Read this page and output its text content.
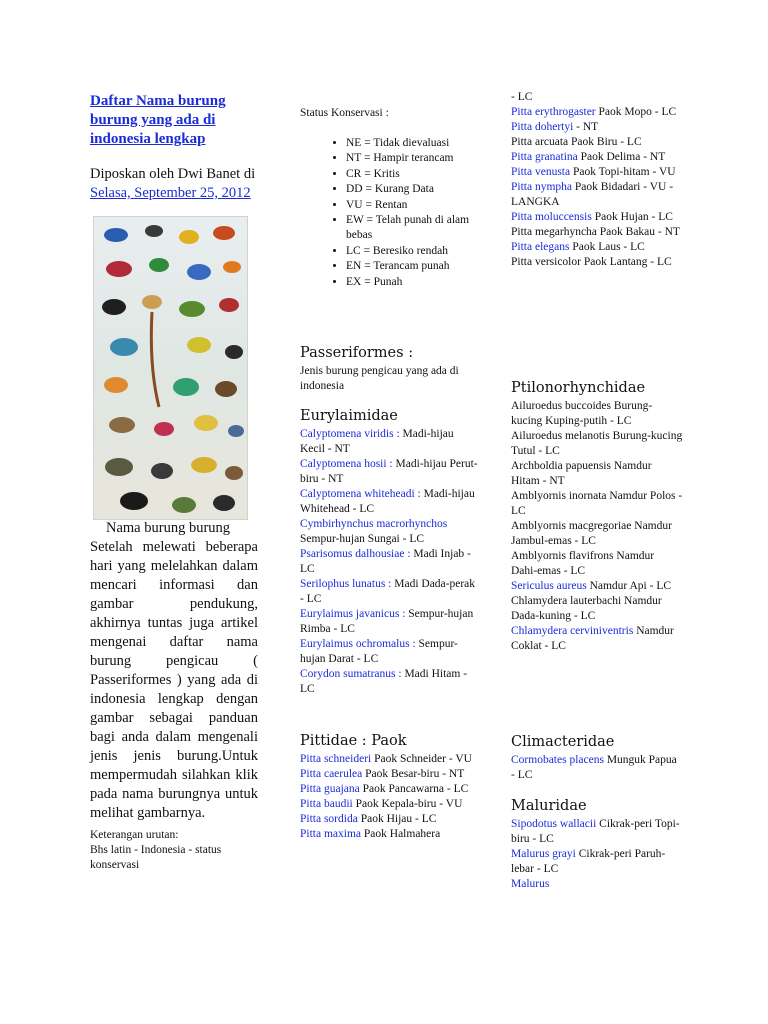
Daftar Nama burung burung yang ada di indonesia lengkap

Diposkan oleh Dwi Banet di Selasa, September 25, 2012

Nama burung burung

Setelah melewati beberapa hari yang melelahkan dalam mencari informasi dan gambar pendukung, akhirnya tuntas juga artikel mengenai daftar nama burung pengicau ( Passeriformes ) yang ada di indonesia lengkap dengan gambar sebagai panduan bagi anda dalam mengenali jenis jenis burung.Untuk mempermudah silahkan klik pada nama burungnya untuk melihat gambarnya.

Keterangan urutan:
Bhs latin - Indonesia - status konservasi

Status Konservasi :

• NE = Tidak dievaluasi
• NT = Hampir terancam
• CR = Kritis
• DD = Kurang Data
• VU = Rentan
• EW = Telah punah di alam bebas
• LC = Beresiko rendah
• EN = Terancam punah
• EX = Punah
Passeriformes :

Jenis burung pengicau yang ada di indonesia

Eurylaimidae
Calyptomena viridis : Madi-hijau Kecil - NT
Calyptomena hosii : Madi-hijau Perut-biru - NT
Calyptomena whiteheadi : Madi-hijau Whitehead - LC
Cymbirhynchus macrorhynchos Sempur-hujan Sungai - LC
Psarisomus dalhousiae : Madi Injab - LC
Serilophus lunatus : Madi Dada-perak - LC
Eurylaimus javanicus : Sempur-hujan Rimba - LC
Eurylaimus ochromalus : Sempur-hujan Darat - LC
Corydon sumatranus : Madi Hitam - LC
Pittidae : Paok
Pitta schneideri Paok Schneider - VU
Pitta caerulea Paok Besar-biru - NT
Pitta guajana Paok Pancawarna - LC
Pitta baudii Paok Kepala-biru - VU
Pitta sordida Paok Hijau - LC
Pitta maxima Paok Halmahera
- LC
Pitta erythrogaster Paok Mopo - LC
Pitta dohertyi - NT
Pitta arcuata Paok Biru - LC
Pitta granatina Paok Delima - NT
Pitta venusta Paok Topi-hitam - VU
Pitta nympha Paok Bidadari - VU - LANGKA
Pitta moluccensis Paok Hujan - LC
Pitta megarhyncha Paok Bakau - NT
Pitta elegans Paok Laus - LC
Pitta versicolor Paok Lantang - LC
Ptilonorhynchidae
Ailuroedus buccoides Burung-kucing Kuping-putih - LC
Ailuroedus melanotis Burung-kucing Tutul - LC
Archboldia papuensis Namdur Hitam - NT
Amblyornis inornata Namdur Polos - LC
Amblyornis macgregoriae Namdur Jambul-emas - LC
Amblyornis flavifrons Namdur Dahi-emas - LC
Sericulus aureus Namdur Api - LC
Chlamydera lauterbachi Namdur Dada-kuning - LC
Chlamydera cerviniventris Namdur Coklat - LC
Climacteridae
Cormobates placens Munguk Papua - LC
Maluridae
Sipodotus wallacii Cikrak-peri Topi-biru - LC
Malurus grayi Cikrak-peri Paruh-lebar - LC
Malurus
